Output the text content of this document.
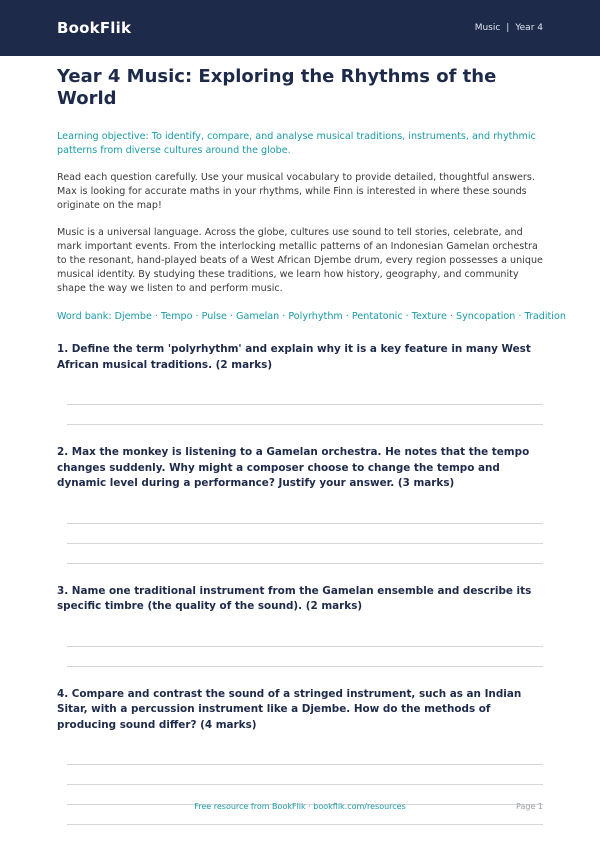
BookFlik	Music | Year 4
Year 4 Music: Exploring the Rhythms of the World

Learning objective: To identify, compare, and analyse musical traditions, instruments, and rhythmic patterns from diverse cultures around the globe.

Read each question carefully. Use your musical vocabulary to provide detailed, thoughtful answers. Max is looking for accurate maths in your rhythms, while Finn is interested in where these sounds originate on the map!

Music is a universal language. Across the globe, cultures use sound to tell stories, celebrate, and mark important events. From the interlocking metallic patterns of an Indonesian Gamelan orchestra to the resonant, hand-played beats of a West African Djembe drum, every region possesses a unique musical identity. By studying these traditions, we learn how history, geography, and community shape the way we listen to and perform music.

Word bank: Djembe · Tempo · Pulse · Gamelan · Polyrhythm · Pentatonic · Texture · Syncopation · Tradition

1. Define the term 'polyrhythm' and explain why it is a key feature in many West African musical traditions. (2 marks)

2. Max the monkey is listening to a Gamelan orchestra. He notes that the tempo changes suddenly. Why might a composer choose to change the tempo and dynamic level during a performance? Justify your answer. (3 marks)

3. Name one traditional instrument from the Gamelan ensemble and describe its specific timbre (the quality of the sound). (2 marks)

4. Compare and contrast the sound of a stringed instrument, such as an Indian Sitar, with a percussion instrument like a Djembe. How do the methods of producing sound differ? (4 marks)

Free resource from BookFlik · bookflik.com/resources	Page 1
